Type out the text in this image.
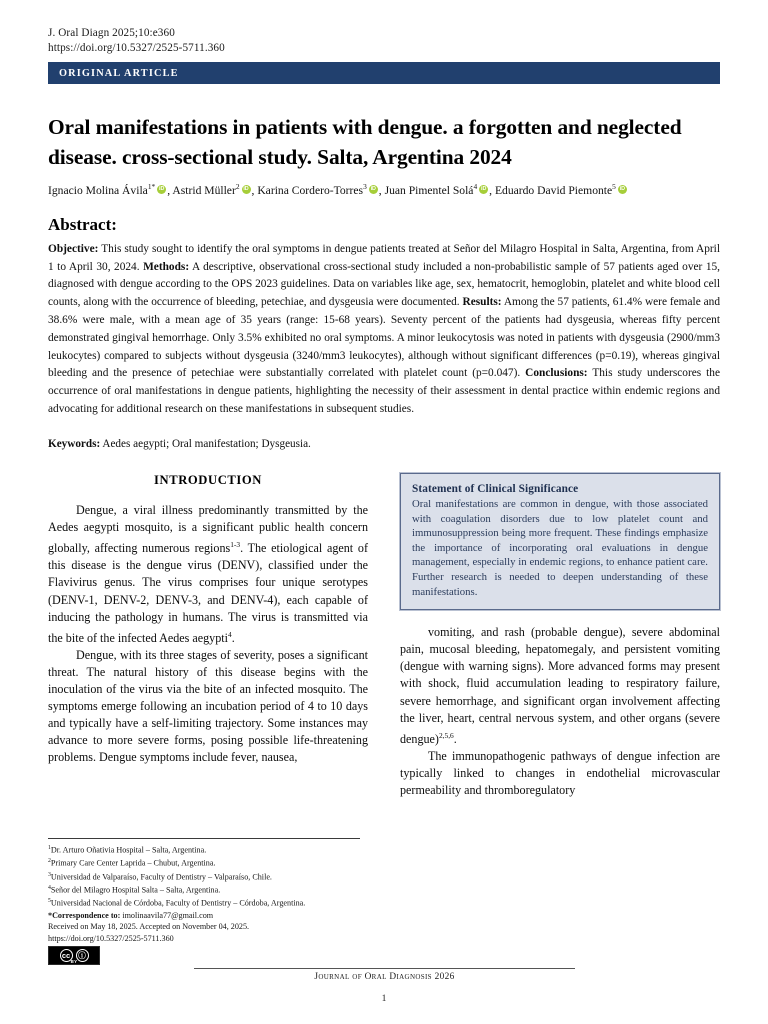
J. Oral Diagn 2025;10:e360
https://doi.org/10.5327/2525-5711.360
ORIGINAL ARTICLE
Oral manifestations in patients with dengue. a forgotten and neglected disease. cross-sectional study. Salta, Argentina 2024
Ignacio Molina Ávila$^{1*}$ iD , Astrid Müller$^2$ iD , Karina Cordero-Torres$^3$ iD , Juan Pimentel Solá$^4$ iD , Eduardo David Piemonte$^5$iD
Abstract:
Objective: This study sought to identify the oral symptoms in dengue patients treated at Señor del Milagro Hospital in Salta, Argentina, from April 1 to April 30, 2024. Methods: A descriptive, observational cross-sectional study included a non-probabilistic sample of 57 patients aged over 15, diagnosed with dengue according to the OPS 2023 guidelines. Data on variables like age, sex, hematocrit, hemoglobin, platelet and white blood cell counts, along with the occurrence of bleeding, petechiae, and dysgeusia were documented. Results: Among the 57 patients, 61.4% were female and 38.6% were male, with a mean age of 35 years (range: 15-68 years). Seventy percent of the patients had dysgeusia, whereas fifty percent demonstrated gingival hemorrhage. Only 3.5% exhibited no oral symptoms. A minor leukocytosis was noted in patients with dysgeusia (2900/mm3 leukocytes) compared to subjects without dysgeusia (3240/mm3 leukocytes), although without significant differences (p=0.19), whereas gingival bleeding and the presence of petechiae were substantially correlated with platelet count (p=0.047). Conclusions: This study underscores the occurrence of oral manifestations in dengue patients, highlighting the necessity of their assessment in dental practice within endemic regions and advocating for additional research on these manifestations in subsequent studies.
Keywords: Aedes aegypti; Oral manifestation; Dysgeusia.
INTRODUCTION

Dengue, a viral illness predominantly transmitted by the Aedes aegypti mosquito, is a significant public health concern globally, affecting numerous regions$^{1-3}$. The etiological agent of this disease is the dengue virus (DENV), classified under the Flavivirus genus. The virus comprises four unique serotypes (DENV-1, DENV-2, DENV-3, and DENV-4), each capable of inducing the pathology in humans. The virus is transmitted via the bite of the infected Aedes aegypti$^4$.

Dengue, with its three stages of severity, poses a significant threat. The natural history of this disease begins with the inoculation of the virus via the bite of an infected mosquito. The symptoms emerge following an incubation period of 4 to 10 days and typically have a self-limiting trajectory. Some instances may advance to more severe forms, posing possible life-threatening problems. Dengue symptoms include fever, nausea,

Statement of Clinical Significance
Oral manifestations are common in dengue, with those associated with coagulation disorders due to low platelet count and immunosuppression being more frequent. These findings emphasize the importance of incorporating oral evaluations in dengue management, especially in endemic regions, to enhance patient care. Further research is needed to deepen understanding of these manifestations.

vomiting, and rash (probable dengue), severe abdominal pain, mucosal bleeding, hepatomegaly, and persistent vomiting (dengue with warning signs). More advanced forms may present with shock, fluid accumulation leading to respiratory failure, severe hemorrhage, and significant organ involvement affecting the liver, heart, central nervous system, and other organs (severe dengue)$^{2,5,6}$.

The immunopathogenic pathways of dengue infection are typically linked to changes in endothelial microvascular permeability and thromboregulatory

$^1$Dr. Arturo Oñativia Hospital – Salta, Argentina.
$^2$Primary Care Center Laprida – Chubut, Argentina.
$^3$Universidad de Valparaíso, Faculty of Dentistry – Valparaíso, Chile.
$^4$Señor del Milagro Hospital Salta – Salta, Argentina.
$^5$Universidad Nacional de Córdoba, Faculty of Dentistry – Córdoba, Argentina.
*Correspondence to: imolinaavila77@gmail.com
Received on May 18, 2025. Accepted on November 04, 2025.
https://doi.org/10.5327/2525-5711.360
cc	ⓘ
BY
Journal of Oral Diagnosis 2026
1
